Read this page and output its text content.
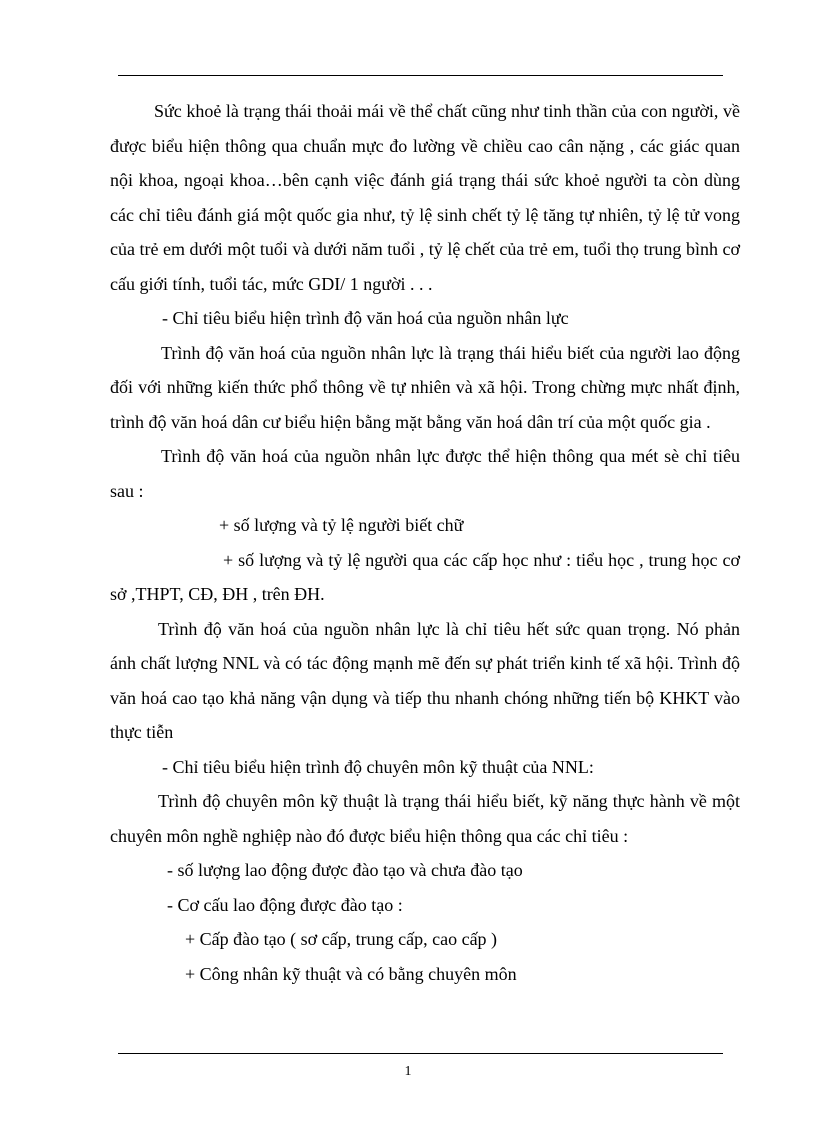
Sức khoẻ là trạng thái thoải mái về thể chất cũng như tinh thần của con người, về được biểu hiện thông qua chuẩn mực đo lường về chiều cao cân nặng , các giác quan nội khoa, ngoại khoa…bên cạnh việc đánh giá trạng thái sức khoẻ người ta còn dùng các chỉ tiêu đánh giá một quốc gia như, tỷ lệ sinh chết tỷ lệ tăng tự nhiên, tỷ lệ tử vong của trẻ em dưới một tuổi và dưới năm tuổi , tỷ lệ chết của trẻ em, tuổi thọ trung bình cơ cấu giới tính, tuổi tác, mức GDI/ 1 người . . .

- Chỉ tiêu biểu hiện trình độ văn hoá của nguồn nhân lực

Trình độ văn hoá của nguồn nhân lực là trạng thái hiểu biết của người lao động đối với những kiến thức phổ thông về tự nhiên và xã hội. Trong chừng mực nhất định, trình độ văn hoá dân cư biểu hiện bằng mặt bằng văn hoá dân trí của một quốc gia .

Trình độ văn hoá của nguồn nhân lực được thể hiện thông qua mét sè chỉ tiêu sau :

+ số lượng và tỷ lệ người biết chữ

+ số lượng và tỷ lệ người qua các cấp học như : tiểu học , trung học cơ sở ,THPT, CĐ, ĐH , trên ĐH.

Trình độ văn hoá của nguồn nhân lực là chỉ tiêu hết sức quan trọng. Nó phản ánh chất lượng NNL và có tác động mạnh mẽ đến sự phát triển kinh tế xã hội. Trình độ văn hoá cao tạo khả năng vận dụng và tiếp thu nhanh chóng những tiến bộ KHKT vào thực tiễn

- Chỉ tiêu biểu hiện trình độ chuyên môn kỹ thuật của NNL:

Trình độ chuyên môn kỹ thuật là trạng thái hiểu biết, kỹ năng thực hành về một chuyên môn nghề nghiệp nào đó được biểu hiện thông qua các chỉ tiêu :

- số lượng lao động được đào tạo và chưa đào tạo

- Cơ cấu lao động được đào tạo :

+ Cấp đào tạo ( sơ cấp, trung cấp, cao cấp )

+ Công nhân kỹ thuật và có bằng chuyên môn

1
